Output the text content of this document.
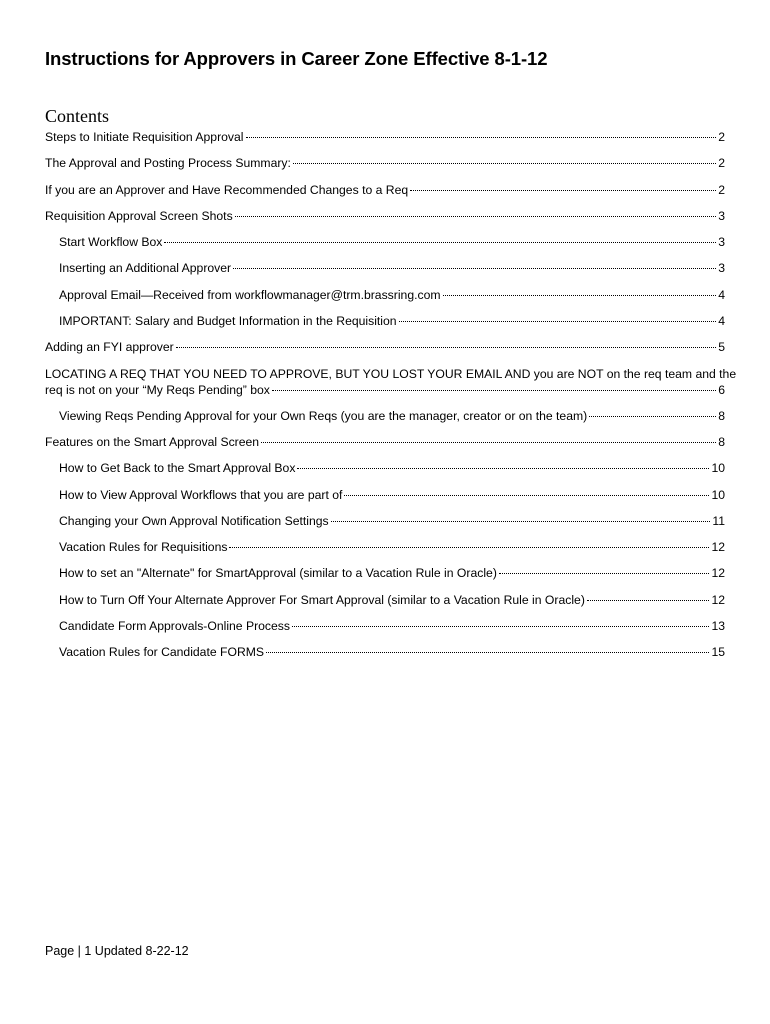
Instructions for Approvers in Career Zone Effective 8-1-12
Contents
Steps to Initiate Requisition Approval	2
The Approval and Posting Process Summary:	2
If you are an Approver and Have Recommended Changes to a Req	2
Requisition Approval Screen Shots	3
Start Workflow Box	3
Inserting an Additional Approver	3
Approval Email—Received from workflowmanager@trm.brassring.com	4
IMPORTANT: Salary and Budget Information in the Requisition	4
Adding an FYI approver	5
LOCATING A REQ THAT YOU NEED TO APPROVE, BUT YOU LOST YOUR EMAIL AND you are NOT on the req team and the
req is not on your “My Reqs Pending” box	6
Viewing Reqs Pending Approval for your Own Reqs (you are the manager, creator or on the team)	8
Features on the Smart Approval Screen	8
How to Get Back to the Smart Approval Box	10
How to View Approval Workflows that you are part of	10
Changing your Own Approval Notification Settings	11
Vacation Rules for Requisitions	12
How to set an "Alternate" for SmartApproval (similar to a Vacation Rule in Oracle)	12
How to Turn Off Your Alternate Approver For Smart Approval (similar to a Vacation Rule in Oracle)	12
Candidate Form Approvals-Online Process	13
Vacation Rules for Candidate FORMS	15
Page | 1 Updated 8-22-12
